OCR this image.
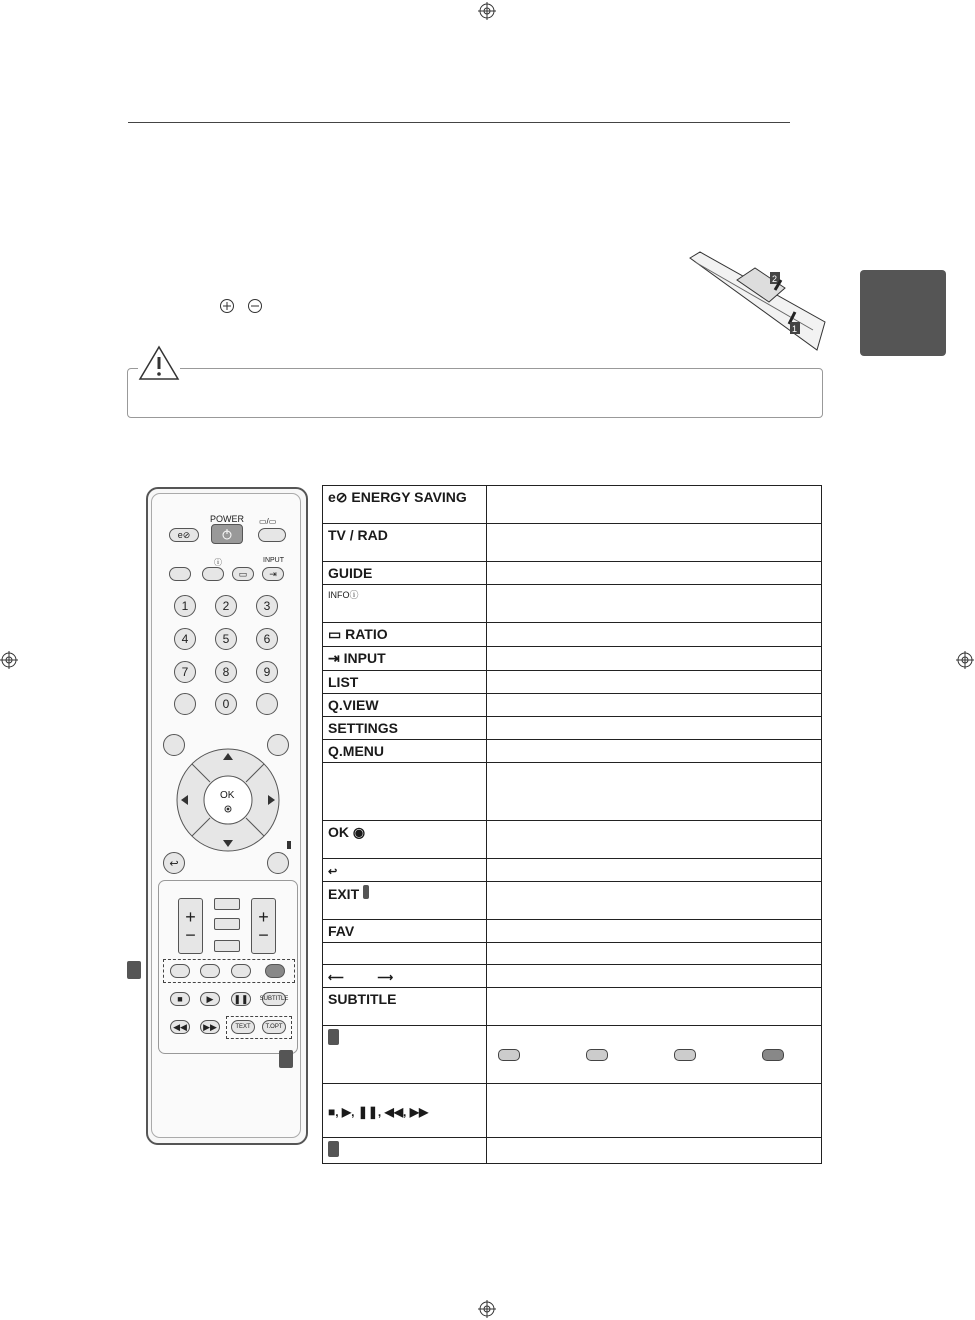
2
1
e⊘
POWER ▭/▭
ⓘ
▭
INPUT
⇥
1	2	3
4	5	6
7	8	9
0
OK
↩
+
−
+
−
■	▶	❚❚	SUBTITLE
◀◀	▶▶	TEXT	T.OPT
e⊘ ENERGY SAVING	
TV / RAD	
GUIDE	
INFOⓘ	
▭ RATIO	
⇥ INPUT	
LIST	
Q.VIEW	
SETTINGS	
Q.MENU	

OK ◉	
↩	
EXIT	
FAV	

⟵           ⟶	
SUBTITLE	

■, ▶, ❚❚, ◀◀, ▶▶	
